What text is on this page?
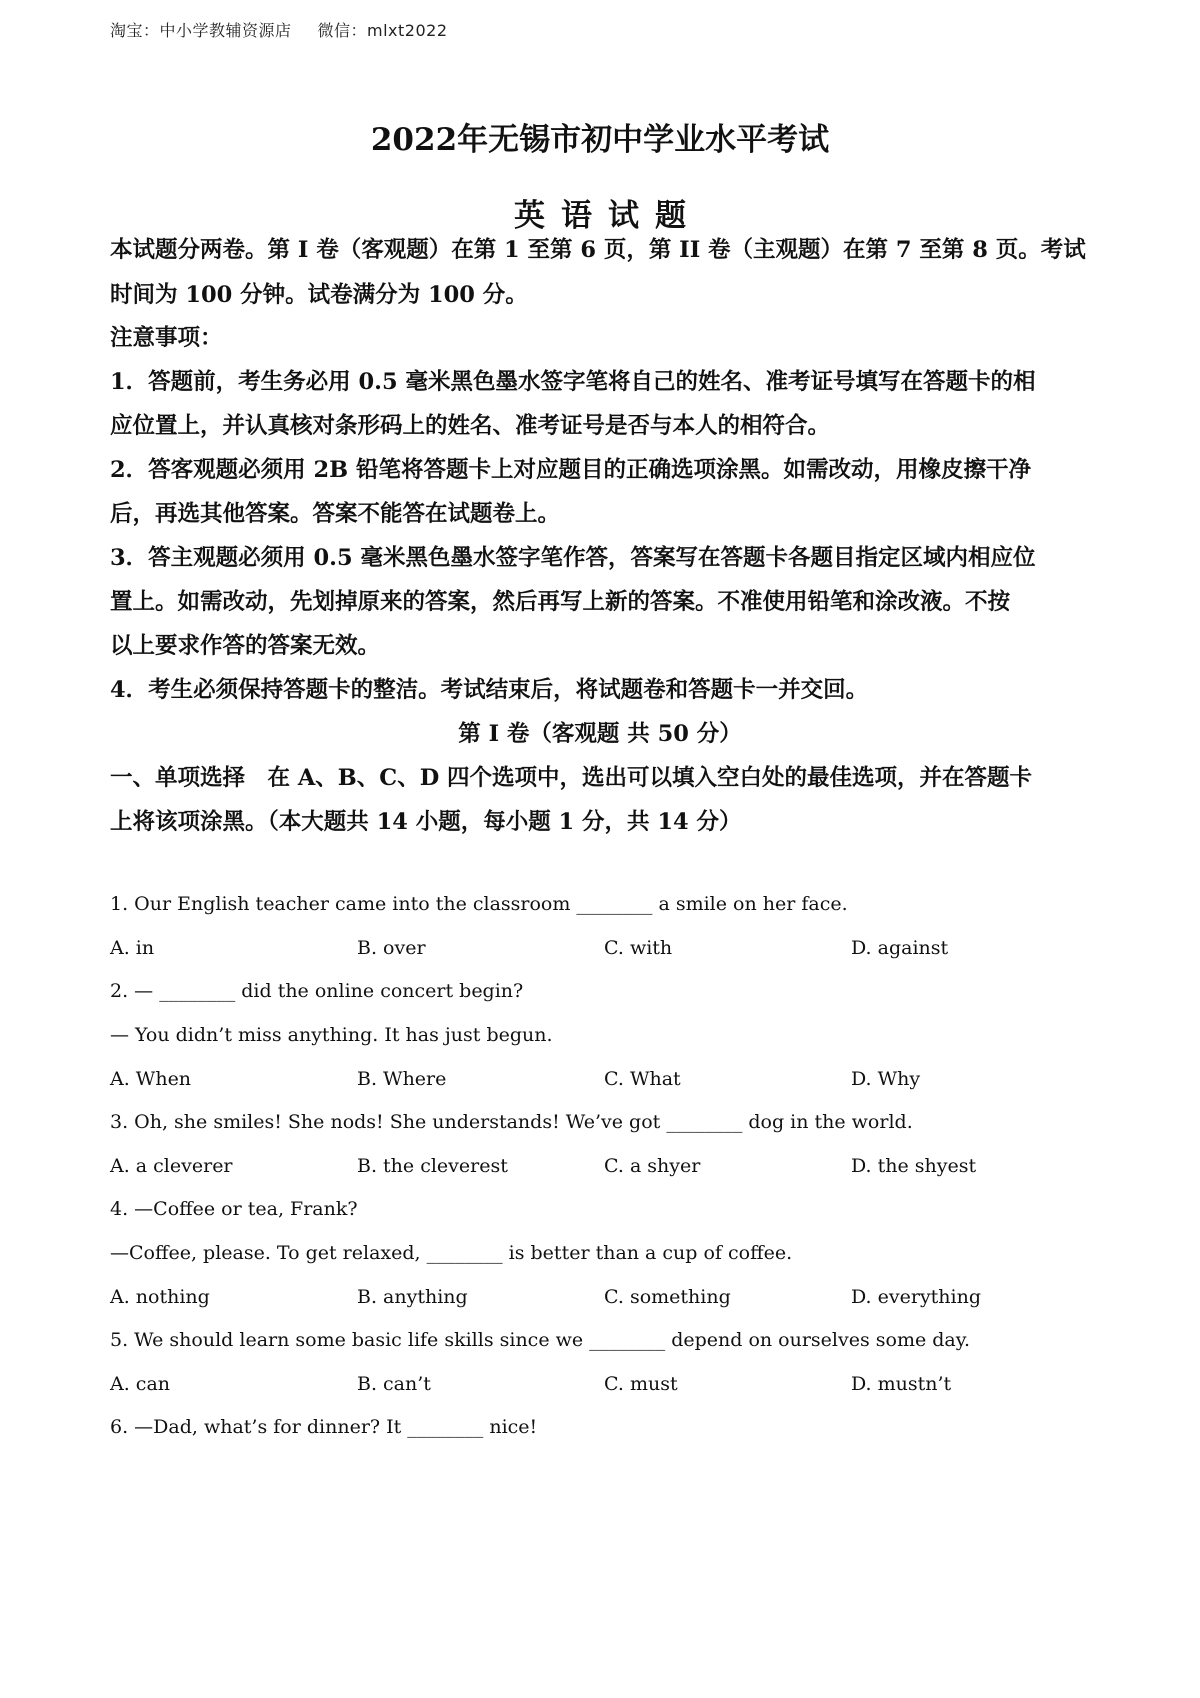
淘宝：中小学教辅资源店 微信：mlxt2022
2022年无锡市初中学业水平考试
英语试题
本试题分两卷。第 I 卷（客观题）在第 1 至第 6 页，第 II 卷（主观题）在第 7 至第 8 页。考试
时间为 100 分钟。试卷满分为 100 分。
注意事项：
1．答题前，考生务必用 0.5 毫米黑色墨水签字笔将自己的姓名、准考证号填写在答题卡的相
应位置上，并认真核对条形码上的姓名、准考证号是否与本人的相符合。
2．答客观题必须用 2B 铅笔将答题卡上对应题目的正确选项涂黑。如需改动，用橡皮擦干净
后，再选其他答案。答案不能答在试题卷上。
3．答主观题必须用 0.5 毫米黑色墨水签字笔作答，答案写在答题卡各题目指定区域内相应位
置上。如需改动，先划掉原来的答案，然后再写上新的答案。不准使用铅笔和涂改液。不按
以上要求作答的答案无效。
4．考生必须保持答题卡的整洁。考试结束后，将试题卷和答题卡一并交回。
第 I 卷（客观题 共 50 分）
一、单项选择　在 A、B、C、D 四个选项中，选出可以填入空白处的最佳选项，并在答题卡
上将该项涂黑。（本大题共 14 小题，每小题 1 分，共 14 分）
1. Our English teacher came into the classroom ________ a smile on her face.
A. in	B. over	C. with	D. against
2. — ________ did the online concert begin?
— You didn’t miss anything. It has just begun.
A. When	B. Where	C. What	D. Why
3. Oh, she smiles! She nods! She understands! We’ve got ________ dog in the world.
A. a cleverer	B. the cleverest	C. a shyer	D. the shyest
4. —Coffee or tea, Frank?
—Coffee, please. To get relaxed, ________ is better than a cup of coffee.
A. nothing	B. anything	C. something	D. everything
5. We should learn some basic life skills since we ________ depend on ourselves some day.
A. can	B. can’t	C. must	D. mustn’t
6. —Dad, what’s for dinner? It ________ nice!
